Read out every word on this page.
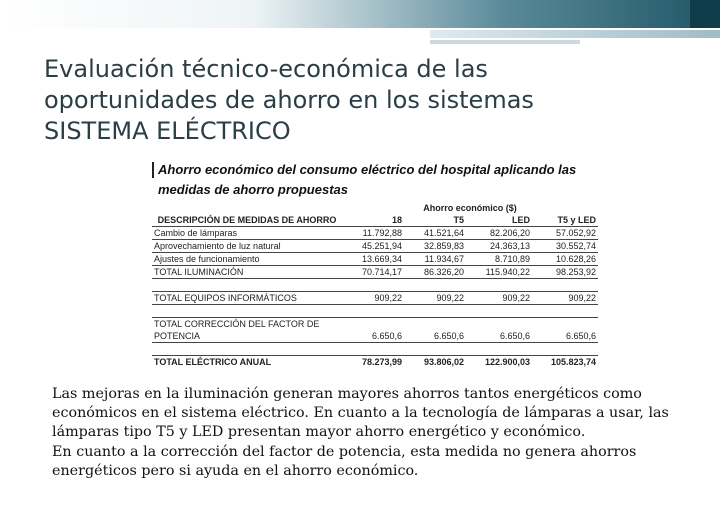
Evaluación técnico-económica de las
oportunidades de ahorro en los sistemas
SISTEMA ELÉCTRICO
Ahorro económico del consumo eléctrico del hospital aplicando las
medidas de ahorro propuestas
	Ahorro económico ($)			
DESCRIPCIÓN DE MEDIDAS DE AHORRO	18	T5	LED	T5 y LED
Cambio de lámparas	11.792,88	41.521,64	82.206,20	57.052,92
Aprovechamiento de luz natural	45.251,94	32.859,83	24.363,13	30.552,74
Ajustes de funcionamiento	13.669,34	11.934,67	8.710,89	10.628,26
TOTAL ILUMINACIÓN	70.714,17	86.326,20	115.940,22	98.253,92

TOTAL EQUIPOS INFORMÁTICOS	909,22	909,22	909,22	909,22

TOTAL CORRECCIÓN DEL FACTOR DE				
POTENCIA	6.650,6	6.650,6	6.650,6	6.650,6

TOTAL ELÉCTRICO ANUAL	78.273,99	93.806,02	122.900,03	105.823,74

Las mejoras en la iluminación generan mayores ahorros tantos energéticos como económicos en el sistema eléctrico. En cuanto a la tecnología de lámparas a usar, las lámparas tipo T5 y LED presentan mayor ahorro energético y económico.

En cuanto a la corrección del factor de potencia, esta medida no genera ahorros energéticos pero si ayuda en el ahorro económico.
